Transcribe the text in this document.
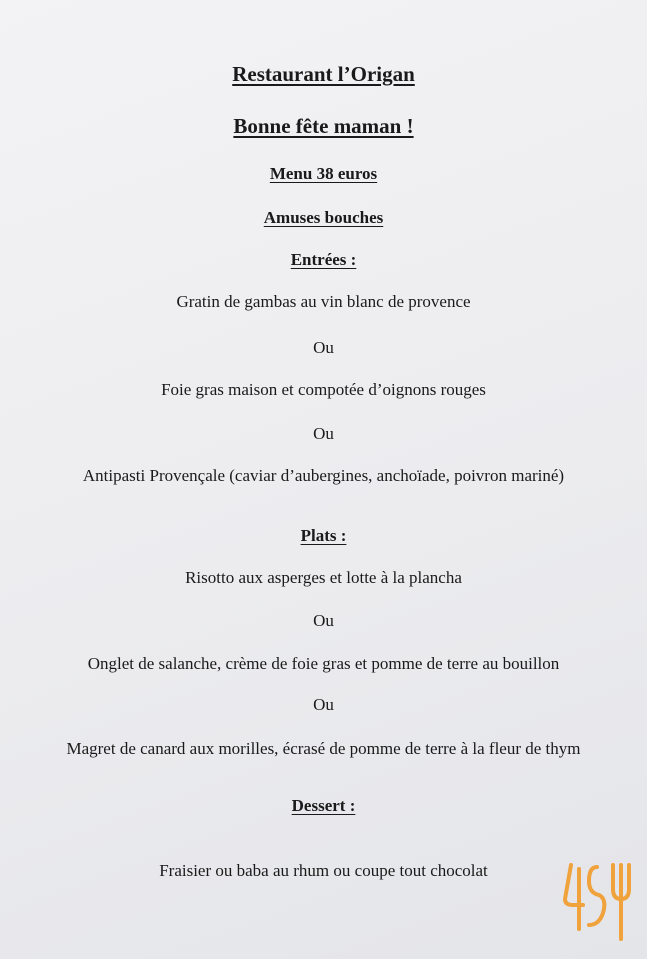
Restaurant l’Origan
Bonne fête maman !
Menu 38 euros
Amuses bouches
Entrées :
Gratin de gambas au vin blanc de provence
Ou
Foie gras maison et compotée d’oignons rouges
Ou
Antipasti Provençale (caviar d’aubergines, anchoïade, poivron mariné)
Plats :
Risotto aux asperges et lotte à la plancha
Ou
Onglet de salanche, crème de foie gras et pomme de terre au bouillon
Ou
Magret de canard aux morilles, écrasé de pomme de terre à la fleur de thym
Dessert :
Fraisier ou baba au rhum ou coupe tout chocolat
